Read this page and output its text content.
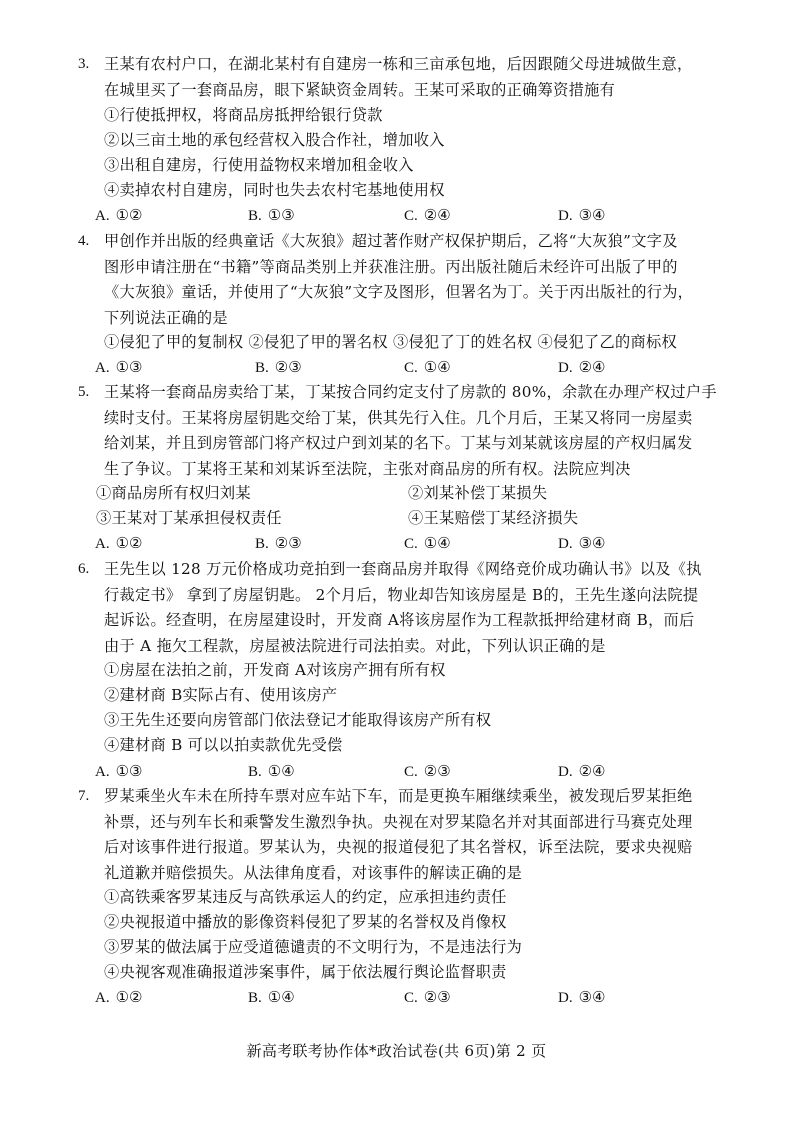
3. 王某有农村户口，在湖北某村有自建房一栋和三亩承包地，后因跟随父母进城做生意，
在城里买了一套商品房，眼下紧缺资金周转。王某可采取的正确筹资措施有
①行使抵押权，将商品房抵押给银行贷款
②以三亩土地的承包经营权入股合作社，增加收入
③出租自建房，行使用益物权来增加租金收入
④卖掉农村自建房，同时也失去农村宅基地使用权
A. ①②	B. ①③	C. ②④	D. ③④
4. 甲创作并出版的经典童话《大灰狼》超过著作财产权保护期后，乙将“大灰狼”文字及
图形申请注册在“书籍”等商品类别上并获准注册。丙出版社随后未经许可出版了甲的
《大灰狼》童话，并使用了“大灰狼”文字及图形，但署名为丁。关于丙出版社的行为，
下列说法正确的是
①侵犯了甲的复制权 ②侵犯了甲的署名权 ③侵犯了丁的姓名权 ④侵犯了乙的商标权
A. ①③	B. ②③	C. ①④	D. ②④
5. 王某将一套商品房卖给丁某，丁某按合同约定支付了房款的 80%，余款在办理产权过户手
续时支付。王某将房屋钥匙交给丁某，供其先行入住。几个月后，王某又将同一房屋卖
给刘某，并且到房管部门将产权过户到刘某的名下。丁某与刘某就该房屋的产权归属发
生了争议。丁某将王某和刘某诉至法院，主张对商品房的所有权。法院应判决
①商品房所有权归刘某	②刘某补偿丁某损失
③王某对丁某承担侵权责任	④王某赔偿丁某经济损失
A. ①②	B. ②③	C. ①④	D. ③④
6. 王先生以 128 万元价格成功竞拍到一套商品房并取得《网络竞价成功确认书》以及《执
行裁定书》 拿到了房屋钥匙。 2个月后，物业却告知该房屋是 B的，王先生遂向法院提
起诉讼。经查明，在房屋建设时，开发商 A将该房屋作为工程款抵押给建材商 B，而后
由于 A 拖欠工程款，房屋被法院进行司法拍卖。对此，下列认识正确的是
①房屋在法拍之前，开发商 A对该房产拥有所有权
②建材商 B实际占有、使用该房产
③王先生还要向房管部门依法登记才能取得该房产所有权
④建材商 B 可以以拍卖款优先受偿
A. ①③	B. ①④	C. ②③	D. ②④
7. 罗某乘坐火车未在所持车票对应车站下车，而是更换车厢继续乘坐，被发现后罗某拒绝
补票，还与列车长和乘警发生激烈争执。央视在对罗某隐名并对其面部进行马赛克处理
后对该事件进行报道。罗某认为，央视的报道侵犯了其名誉权，诉至法院，要求央视赔
礼道歉并赔偿损失。从法律角度看，对该事件的解读正确的是
①高铁乘客罗某违反与高铁承运人的约定，应承担违约责任
②央视报道中播放的影像资料侵犯了罗某的名誉权及肖像权
③罗某的做法属于应受道德谴责的不文明行为，不是违法行为
④央视客观准确报道涉案事件，属于依法履行舆论监督职责
A. ①②	B. ①④	C. ②③	D. ③④
新高考联考协作体*政治试卷(共 6页)第 2 页
